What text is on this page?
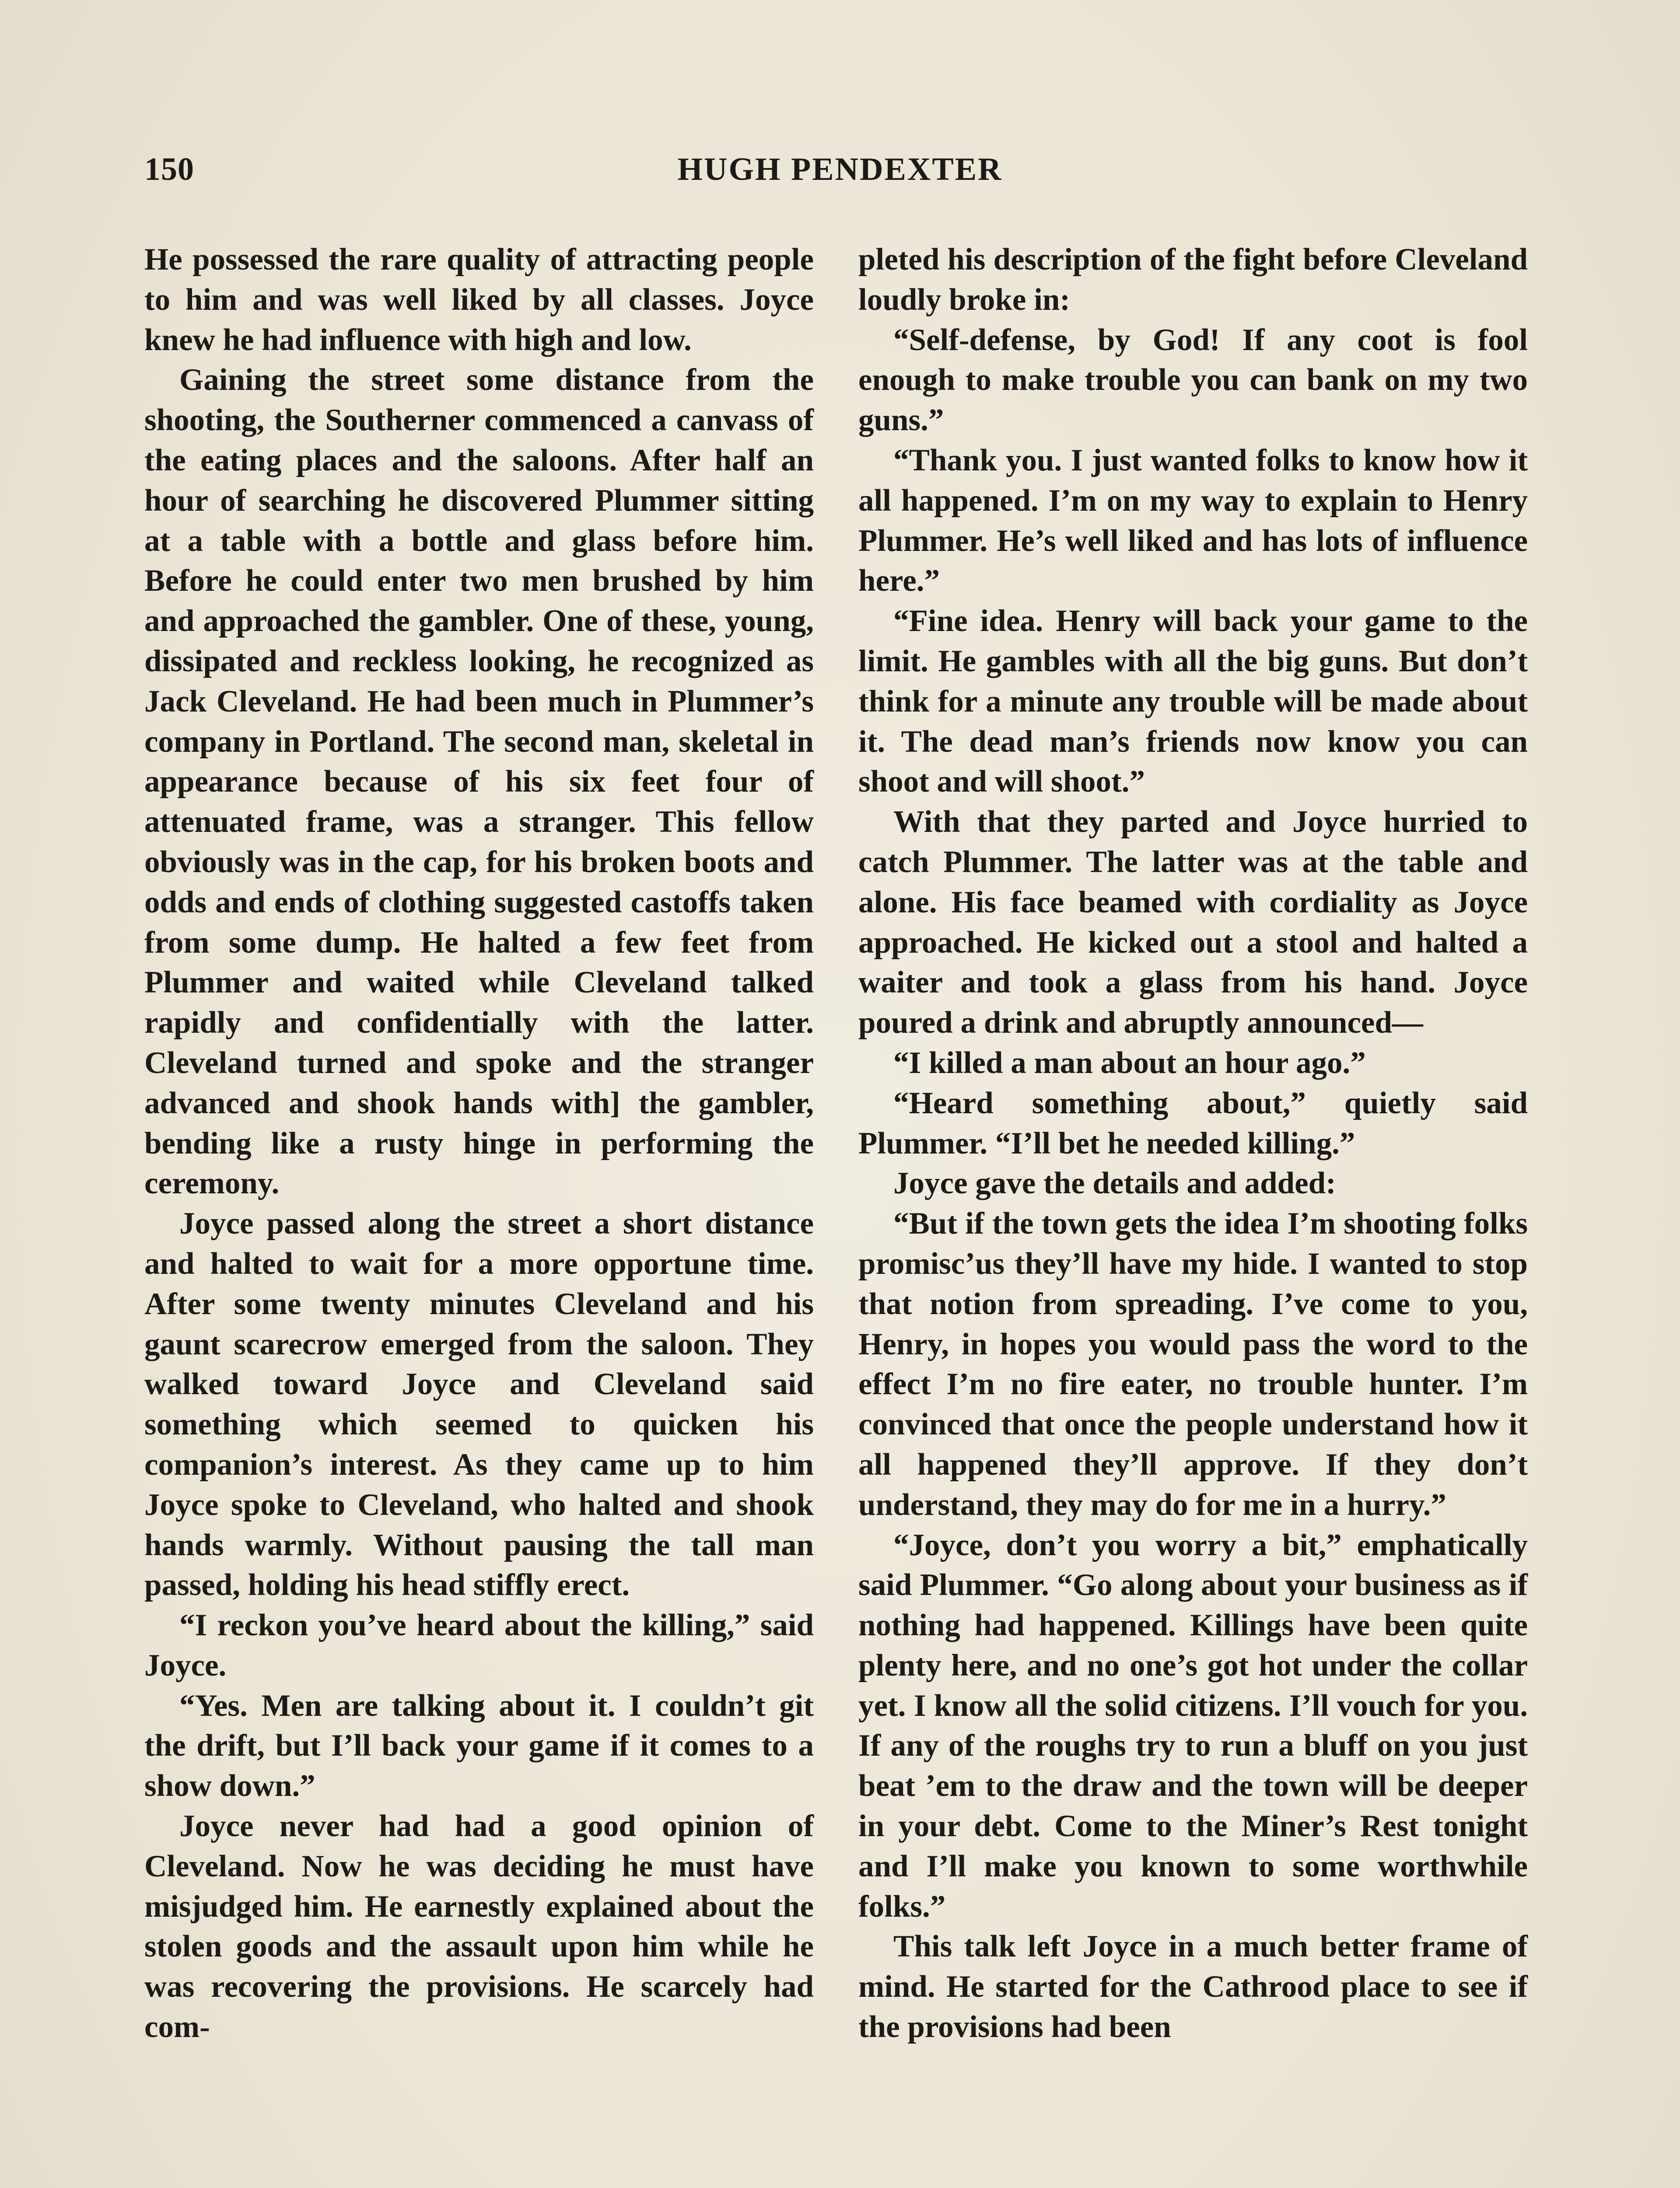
150	HUGH PENDEXTER

He possessed the rare quality of attracting people to him and was well liked by all classes. Joyce knew he had influence with high and low.

Gaining the street some distance from the shooting, the Southerner commenced a canvass of the eating places and the saloons. After half an hour of searching he discovered Plummer sitting at a table with a bottle and glass before him. Before he could enter two men brushed by him and approached the gambler. One of these, young, dissipated and reckless looking, he recognized as Jack Cleveland. He had been much in Plummer’s company in Portland. The second man, skeletal in appearance because of his six feet four of attenuated frame, was a stranger. This fellow obviously was in the cap, for his broken boots and odds and ends of clothing suggested castoffs taken from some dump. He halted a few feet from Plummer and waited while Cleveland talked rapidly and confidentially with the latter. Cleveland turned and spoke and the stranger advanced and shook hands with] the gambler, bending like a rusty hinge in performing the ceremony.

Joyce passed along the street a short distance and halted to wait for a more opportune time. After some twenty minutes Cleveland and his gaunt scarecrow emerged from the saloon. They walked toward Joyce and Cleveland said something which seemed to quicken his companion’s interest. As they came up to him Joyce spoke to Cleveland, who halted and shook hands warmly. Without pausing the tall man passed, holding his head stiffly erect.

“I reckon you’ve heard about the killing,” said Joyce.

“Yes. Men are talking about it. I couldn’t git the drift, but I’ll back your game if it comes to a show down.”

Joyce never had had a good opinion of Cleveland. Now he was deciding he must have misjudged him. He earnestly explained about the stolen goods and the assault upon him while he was recovering the provisions. He scarcely had com-

pleted his description of the fight before Cleveland loudly broke in:

“Self-defense, by God! If any coot is fool enough to make trouble you can bank on my two guns.”

“Thank you. I just wanted folks to know how it all happened. I’m on my way to explain to Henry Plummer. He’s well liked and has lots of influence here.”

“Fine idea. Henry will back your game to the limit. He gambles with all the big guns. But don’t think for a minute any trouble will be made about it. The dead man’s friends now know you can shoot and will shoot.”

With that they parted and Joyce hurried to catch Plummer. The latter was at the table and alone. His face beamed with cordiality as Joyce approached. He kicked out a stool and halted a waiter and took a glass from his hand. Joyce poured a drink and abruptly announced—

“I killed a man about an hour ago.”

“Heard something about,” quietly said Plummer. “I’ll bet he needed killing.”

Joyce gave the details and added:

“But if the town gets the idea I’m shooting folks promisc’us they’ll have my hide. I wanted to stop that notion from spreading. I’ve come to you, Henry, in hopes you would pass the word to the effect I’m no fire eater, no trouble hunter. I’m convinced that once the people understand how it all happened they’ll approve. If they don’t understand, they may do for me in a hurry.”

“Joyce, don’t you worry a bit,” emphatically said Plummer. “Go along about your business as if nothing had happened. Killings have been quite plenty here, and no one’s got hot under the collar yet. I know all the solid citizens. I’ll vouch for you. If any of the roughs try to run a bluff on you just beat ’em to the draw and the town will be deeper in your debt. Come to the Miner’s Rest tonight and I’ll make you known to some worthwhile folks.”

This talk left Joyce in a much better frame of mind. He started for the Cathrood place to see if the provisions had been
